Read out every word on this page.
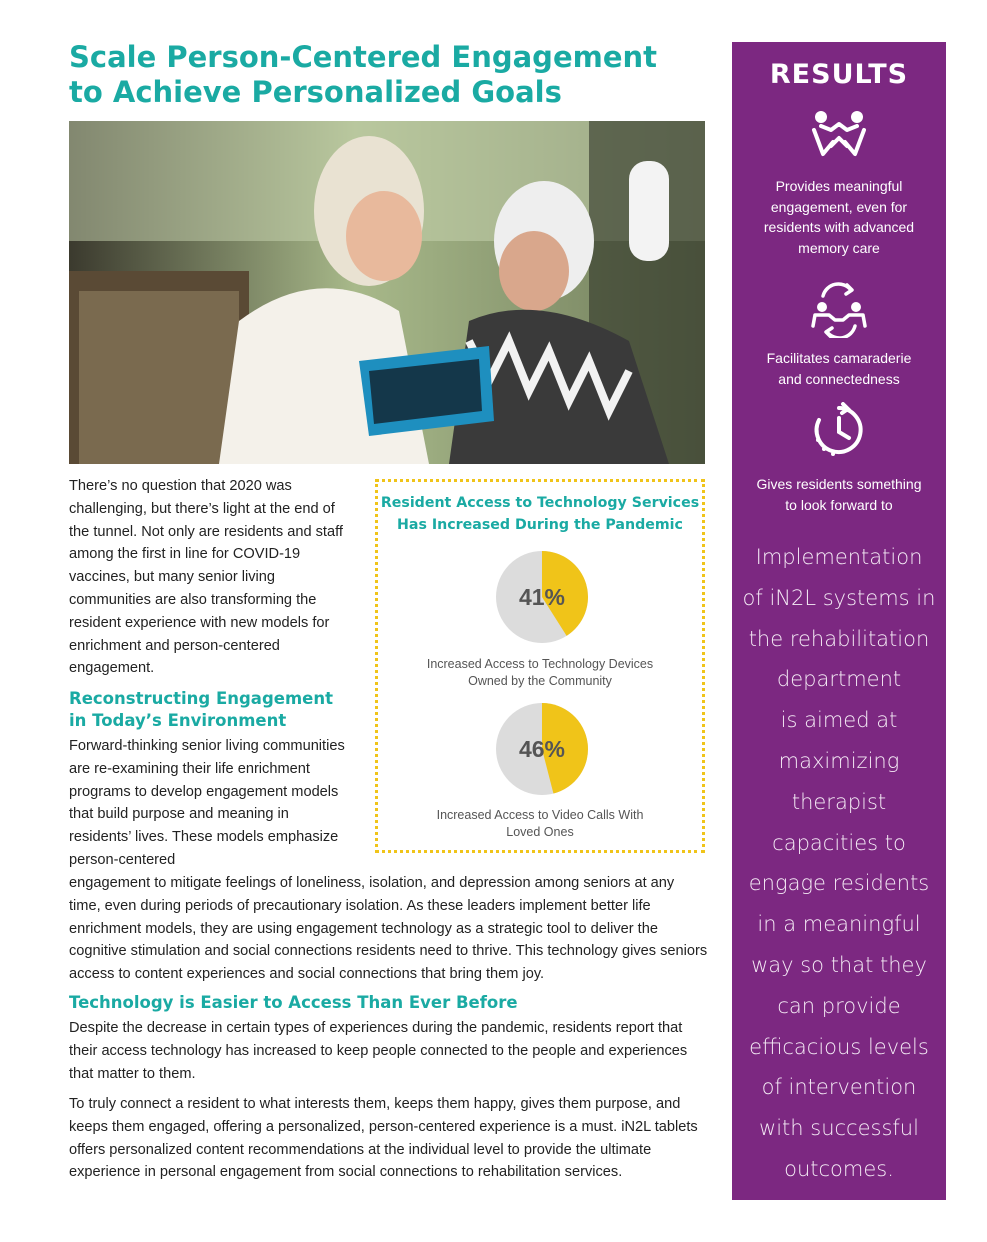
Scale Person-Centered Engagement
to Achieve Personalized Goals

There’s no question that 2020 was challenging, but there’s light at the end of the tunnel. Not only are residents and staff among the first in line for COVID-19 vaccines, but many senior living communities are also transforming the resident experience with new models for enrichment and person-centered engagement.

Reconstructing Engagement
in Today’s Environment

Forward-thinking senior living communities are re-examining their life enrichment programs to develop engagement models that build purpose and meaning in residents’ lives. These models emphasize person-centered

engagement to mitigate feelings of loneliness, isolation, and depression among seniors at any time, even during periods of precautionary isolation. As these leaders implement better life enrichment models, they are using engagement technology as a strategic tool to deliver the cognitive stimulation and social connections residents need to thrive. This technology gives seniors access to content experiences and social connections that bring them joy.

Technology is Easier to Access Than Ever Before

Despite the decrease in certain types of experiences during the pandemic, residents report that their access technology has increased to keep people connected to the people and experiences that matter to them.

To truly connect a resident to what interests them, keeps them happy, gives them purpose, and keeps them engaged, offering a personalized, person-centered experience is a must. iN2L tablets offers personalized content recommendations at the individual level to provide the ultimate experience in personal engagement from social connections to rehabilitation services.

Resident Access to Technology Services
Has Increased During the Pandemic
41%

Increased Access to Technology Devices
Owned by the Community

46%

Increased Access to Video Calls With
Loved Ones

RESULTS

Provides meaningful
engagement, even for
residents with advanced
memory care

Facilitates camaraderie
and connectedness

Gives residents something
to look forward to

Implementation
of iN2L systems in
the rehabilitation
department
is aimed at
maximizing
therapist
capacities to
engage residents
in a meaningful
way so that they
can provide
efficacious levels
of intervention
with successful
outcomes.
